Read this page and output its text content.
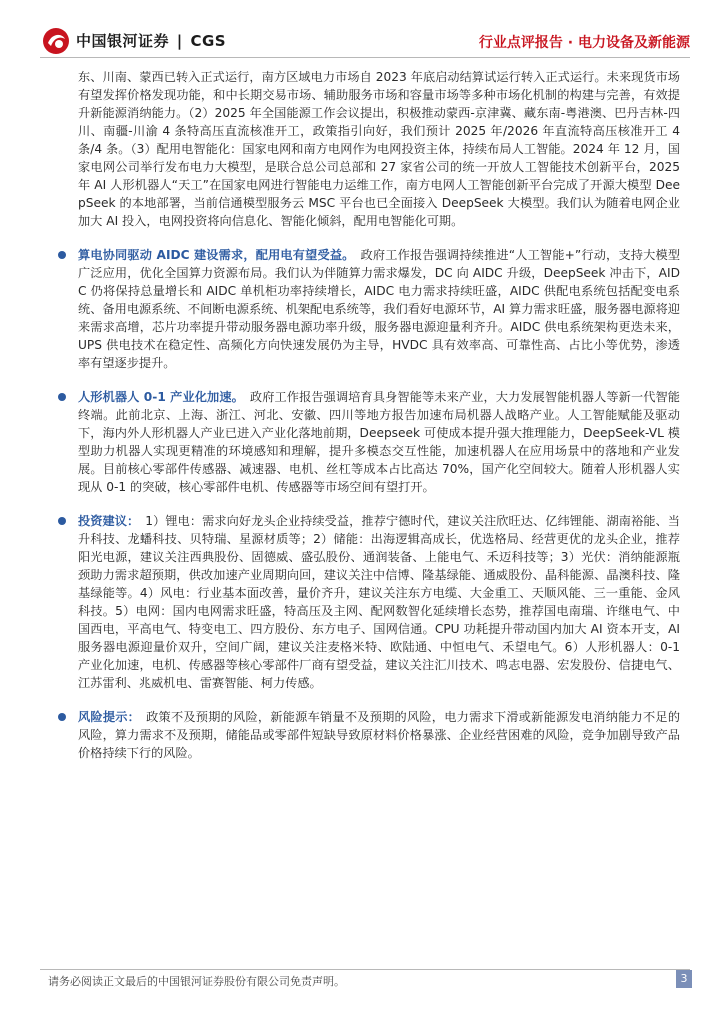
中国银河证券 | CGS	行业点评报告 · 电力设备及新能源

东、川南、蒙西已转入正式运行，南方区域电力市场自 2023 年底启动结算试运行转入正式运行。未来现货市场有望发挥价格发现功能，和中长期交易市场、辅助服务市场和容量市场等多种市场化机制的构建与完善，有效提升新能源消纳能力。（2）2025 年全国能源工作会议提出，积极推动蒙西-京津冀、藏东南-粤港澳、巴丹吉林-四川、南疆-川渝 4 条特高压直流核准开工，政策指引向好，我们预计 2025 年/2026 年直流特高压核准开工 4 条/4 条。（3）配用电智能化：国家电网和南方电网作为电网投资主体，持续布局人工智能。2024 年 12 月，国家电网公司举行发布电力大模型，是联合总公司总部和 27 家省公司的统一开放人工智能技术创新平台，2025 年 AI 人形机器人“天工”在国家电网进行智能电力运维工作，南方电网人工智能创新平台完成了开源大模型 DeepSeek 的本地部署，当前信通模型服务云 MSC 平台也已全面接入 DeepSeek 大模型。我们认为随着电网企业加大 AI 投入，电网投资将向信息化、智能化倾斜，配用电智能化可期。

算电协同驱动 AIDC 建设需求，配用电有望受益。 政府工作报告强调持续推进“人工智能+”行动，支持大模型广泛应用，优化全国算力资源布局。我们认为伴随算力需求爆发，DC 向 AIDC 升级，DeepSeek 冲击下，AIDC 仍将保持总量增长和 AIDC 单机柜功率持续增长，AIDC 电力需求持续旺盛，AIDC 供配电系统包括配变电系统、备用电源系统、不间断电源系统、机架配电系统等，我们看好电源环节，AI 算力需求旺盛，服务器电源将迎来需求高增，芯片功率提升带动服务器电源功率升级，服务器电源迎量利齐升。AIDC 供电系统架构更迭未来，UPS 供电技术在稳定性、高频化方向快速发展仍为主导，HVDC 具有效率高、可靠性高、占比小等优势，渗透率有望逐步提升。

人形机器人 0-1 产业化加速。 政府工作报告强调培育具身智能等未来产业，大力发展智能机器人等新一代智能终端。此前北京、上海、浙江、河北、安徽、四川等地方报告加速布局机器人战略产业。人工智能赋能及驱动下，海内外人形机器人产业已进入产业化落地前期，Deepseek 可使成本提升强大推理能力，DeepSeek-VL 模型助力机器人实现更精准的环境感知和理解，提升多模态交互性能，加速机器人在应用场景中的落地和产业发展。目前核心零部件传感器、减速器、电机、丝杠等成本占比高达 70%，国产化空间较大。随着人形机器人实现从 0-1 的突破，核心零部件电机、传感器等市场空间有望打开。

投资建议： 1）锂电：需求向好龙头企业持续受益，推荐宁德时代，建议关注欣旺达、亿纬锂能、湖南裕能、当升科技、龙蟠科技、贝特瑞、星源材质等；2）储能：出海逻辑高成长，优选格局、经营更优的龙头企业，推荐阳光电源，建议关注西典股份、固德威、盛弘股份、通润装备、上能电气、禾迈科技等；3）光伏：消纳能源瓶颈助力需求超预期，供改加速产业周期向回，建议关注中信博、隆基绿能、通威股份、晶科能源、晶澳科技、隆基绿能等。4）风电：行业基本面改善，量价齐升，建议关注东方电缆、大金重工、天顺风能、三一重能、金风科技。5）电网：国内电网需求旺盛，特高压及主网、配网数智化延续增长态势，推荐国电南瑞、许继电气、中国西电，平高电气、特变电工、四方股份、东方电子、国网信通。CPU 功耗提升带动国内加大 AI 资本开支，AI 服务器电源迎量价双升，空间广阔，建议关注麦格米特、欧陆通、中恒电气、禾望电气。6）人形机器人：0-1 产业化加速，电机、传感器等核心零部件厂商有望受益，建议关注汇川技术、鸣志电器、宏发股份、信捷电气、江苏雷利、兆威机电、雷赛智能、柯力传感。

风险提示： 政策不及预期的风险，新能源车销量不及预期的风险，电力需求下滑或新能源发电消纳能力不足的风险，算力需求不及预期，储能品或零部件短缺导致原材料价格暴涨、企业经营困难的风险，竞争加剧导致产品价格持续下行的风险。

请务必阅读正文最后的中国银河证券股份有限公司免责声明。	3
